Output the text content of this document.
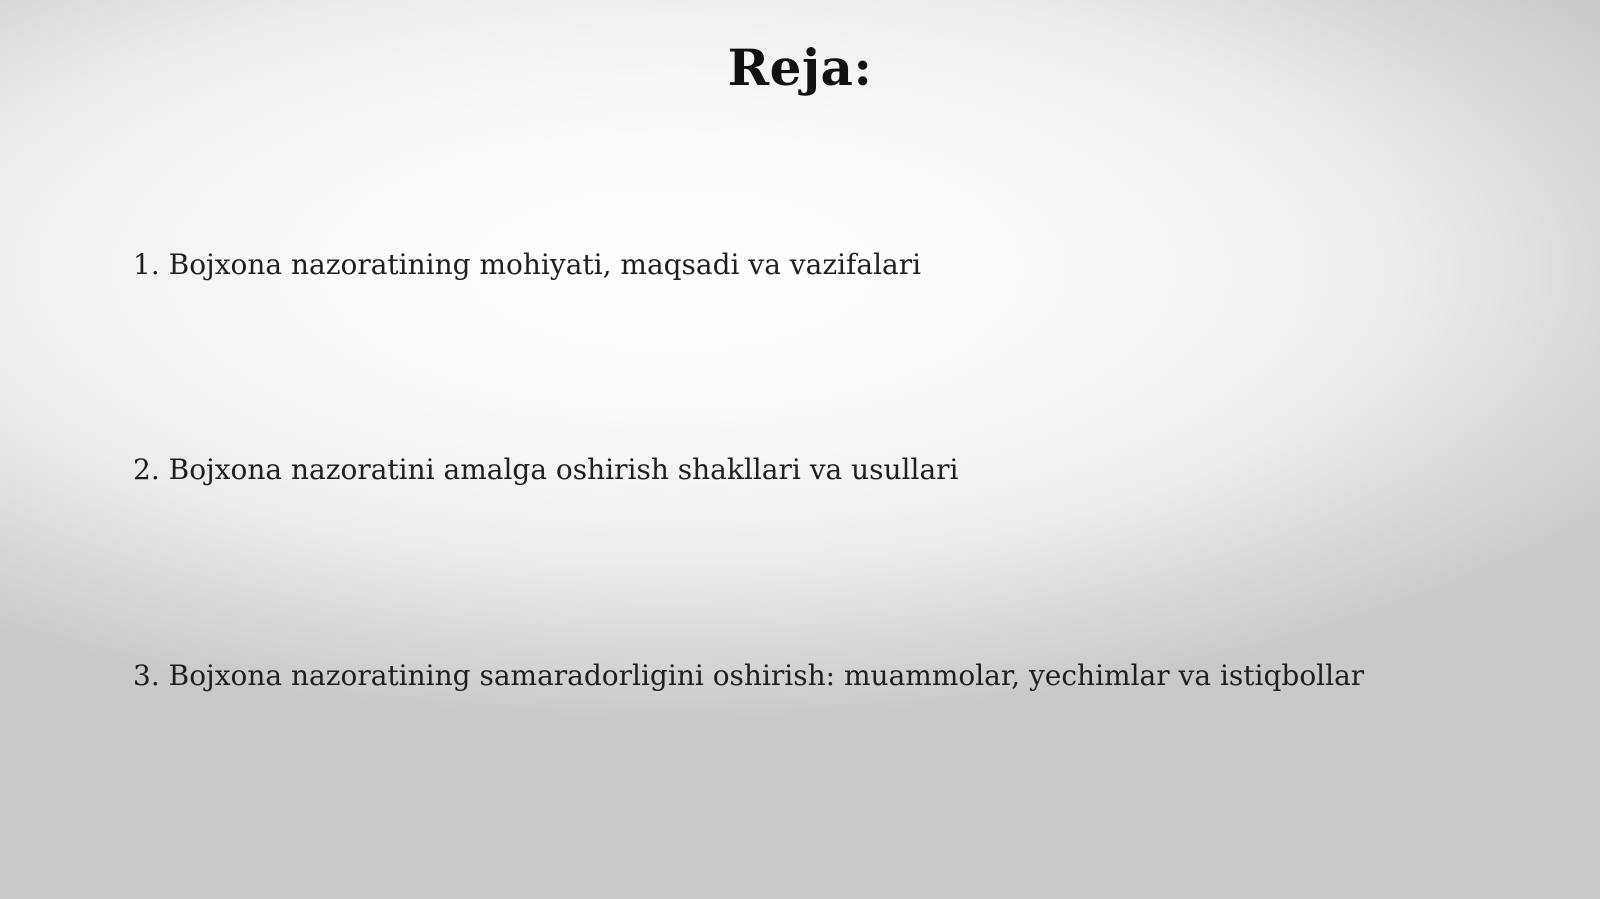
Reja:
1. Bojxona nazoratining mohiyati, maqsadi va vazifalari
2. Bojxona nazoratini amalga oshirish shakllari va usullari
3. Bojxona nazoratining samaradorligini oshirish: muammolar, yechimlar va istiqbollar
